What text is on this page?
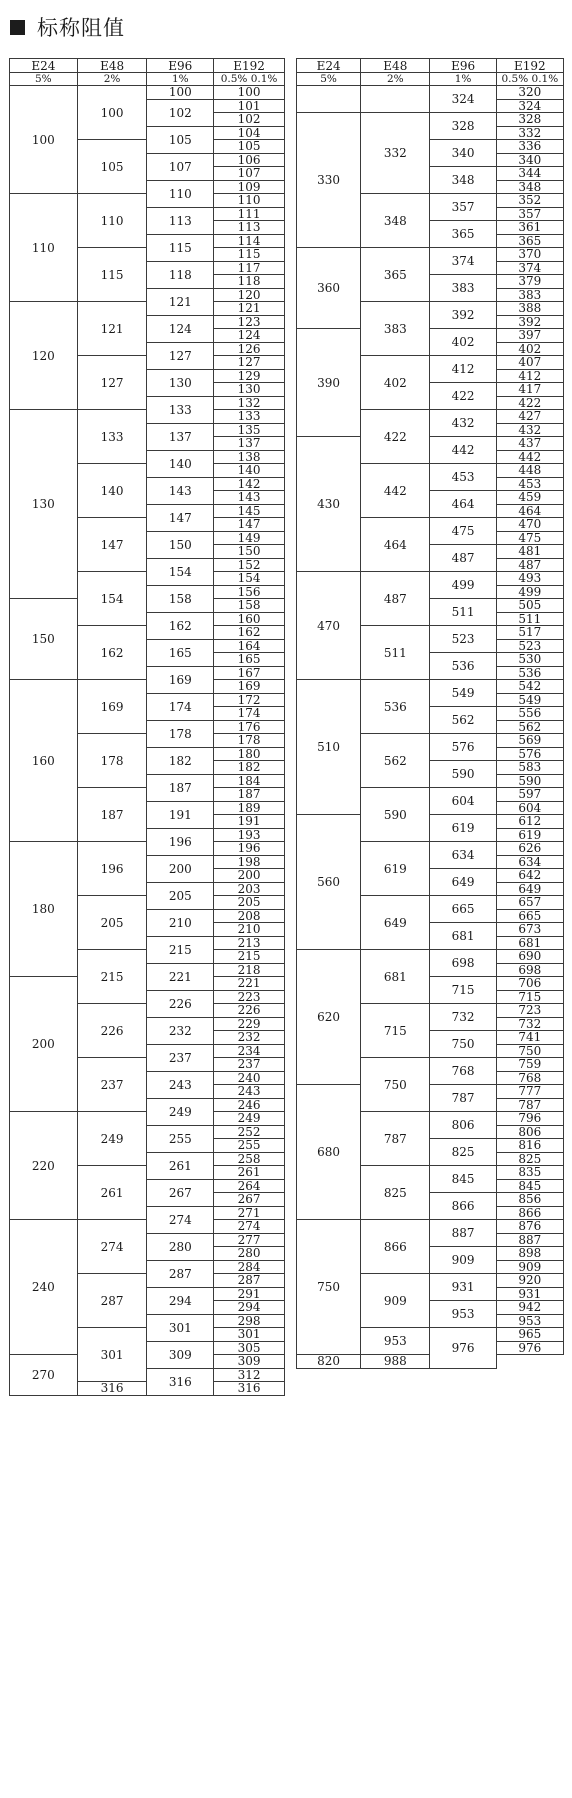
标称阻值
E24	E48	E96	E192
5%	2%	1%	0.5% 0.1%
100	100	100	100
		102	101
			102
		105	104
	105		105
		107	106
			107
		110	109
110	110		110
		113	111
			113
		115	114
	115		115
		118	117
			118
		121	120
120	121		121
		124	123
			124
		127	126
	127		127
		130	129
			130
		133	132
130	133		133
		137	135
			137
		140	138
	140		140
		143	142
			143
		147	145
	147		147
		150	149
			150
		154	152
	154		154
		158	156
150			158
		162	160
	162		162
		165	164
			165
		169	167
160	169		169
		174	172
			174
		178	176
	178		178
		182	180
			182
		187	184
	187		187
		191	189
			191
		196	193
180	196		196
		200	198
			200
		205	203
	205		205
		210	208
			210
		215	213
	215		215
		221	218
200			221
		226	223
	226		226
		232	229
			232
		237	234
	237		237
		243	240
			243
		249	246
220	249		249
		255	252
			255
		261	258
	261		261
		267	264
			267
		274	271
240	274		274
		280	277
			280
		287	284
	287		287
		294	291
			294
		301	298
	301		301
		309	305
270			309
		316	312
	316		316
E24	E48	E96	E192
5%	2%	1%	0.5% 0.1%
		324	320
			324
330	332	328	328
			332
		340	336
			340
		348	344
			348
	348	357	352
			357
		365	361
			365
360	365	374	370
			374
		383	379
			383
	383	392	388
			392
390		402	397
			402
	402	412	407
			412
		422	417
			422
	422	432	427
			432
430		442	437
			442
	442	453	448
			453
		464	459
			464
	464	475	470
			475
		487	481
			487
470	487	499	493
			499
		511	505
			511
	511	523	517
			523
		536	530
			536
510	536	549	542
			549
		562	556
			562
	562	576	569
			576
		590	583
			590
	590	604	597
			604
560		619	612
			619
	619	634	626
			634
		649	642
			649
	649	665	657
			665
		681	673
			681
620	681	698	690
			698
		715	706
			715
	715	732	723
			732
		750	741
			750
	750	768	759
			768
680		787	777
			787
	787	806	796
			806
		825	816
			825
	825	845	835
			845
		866	856
			866
750	866	887	876
			887
		909	898
			909
	909	931	920
			931
		953	942
			953
	953	976	965
			976
820	988		
